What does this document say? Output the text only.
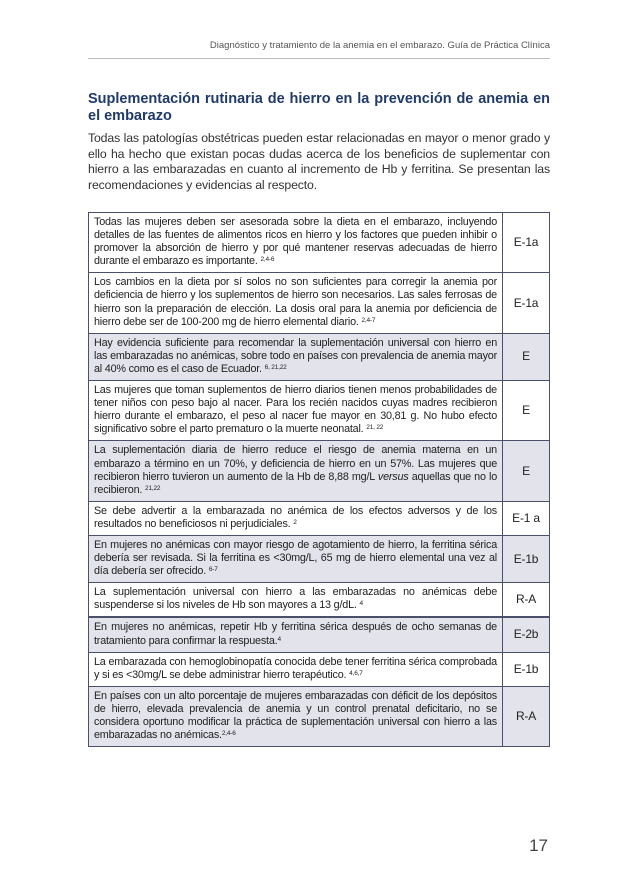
Diagnóstico y tratamiento de la anemia en el embarazo. Guía de Práctica Clínica
Suplementación rutinaria de hierro en la prevención de anemia en el embarazo

Todas las patologías obstétricas pueden estar relacionadas en mayor o menor grado y ello ha hecho que existan pocas dudas acerca de los beneficios de suplementar con hierro a las embarazadas en cuanto al incremento de Hb y ferritina. Se presentan las recomendaciones y evidencias al respecto.

Todas las mujeres deben ser asesorada sobre la dieta en el embarazo, incluyendo detalles de las fuentes de alimentos ricos en hierro y los factores que pueden inhibir o promover la absorción de hierro y por qué mantener reservas adecuadas de hierro durante el embarazo es importante. $^{2,4-6}$	E-1a
Los cambios en la dieta por sí solos no son suficientes para corregir la anemia por deficiencia de hierro y los suplementos de hierro son necesarios. Las sales ferrosas de hierro son la preparación de elección. La dosis oral para la anemia por deficiencia de hierro debe ser de 100-200 mg de hierro elemental diario. $^{2,4-7}$	E-1a
Hay evidencia suficiente para recomendar la suplementación universal con hierro en las embarazadas no anémicas, sobre todo en países con prevalencia de anemia mayor al 40% como es el caso de Ecuador. $^{6, 21,22}$	E
Las mujeres que toman suplementos de hierro diarios tienen menos probabilidades de tener niños con peso bajo al nacer. Para los recién nacidos cuyas madres recibieron hierro durante el embarazo, el peso al nacer fue mayor en 30,81 g. No hubo efecto significativo sobre el parto prematuro o la muerte neonatal. $^{21, 22}$	E
La suplementación diaria de hierro reduce el riesgo de anemia materna en un embarazo a término en un 70%, y deficiencia de hierro en un 57%. Las mujeres que recibieron hierro tuvieron un aumento de la Hb de 8,88 mg/L versus aquellas que no lo recibieron. $^{21,22}$	E
Se debe advertir a la embarazada no anémica de los efectos adversos y de los resultados no beneficiosos ni perjudiciales. $^2$	E-1 a
En mujeres no anémicas con mayor riesgo de agotamiento de hierro, la ferritina sérica debería ser revisada. Si la ferritina es <30mg/L, 65 mg de hierro elemental una vez al día debería ser ofrecido. $^{6-7}$	E-1b
La suplementación universal con hierro a las embarazadas no anémicas debe suspenderse si los niveles de Hb son mayores a 13 g/dL. $^4$	R-A
En mujeres no anémicas, repetir Hb y ferritina sérica después de ocho semanas de tratamiento para confirmar la respuesta.$^4$	E-2b
La embarazada con hemoglobinopatía conocida debe tener ferritina sérica comprobada y si es <30mg/L se debe administrar hierro terapéutico. $^{4,6,7}$	E-1b
En países con un alto porcentaje de mujeres embarazadas con déficit de los depósitos de hierro, elevada prevalencia de anemia y un control prenatal deficitario, no se considera oportuno modificar la práctica de suplementación universal con hierro a las embarazadas no anémicas.$^{2,4-6}$	R-A
17
